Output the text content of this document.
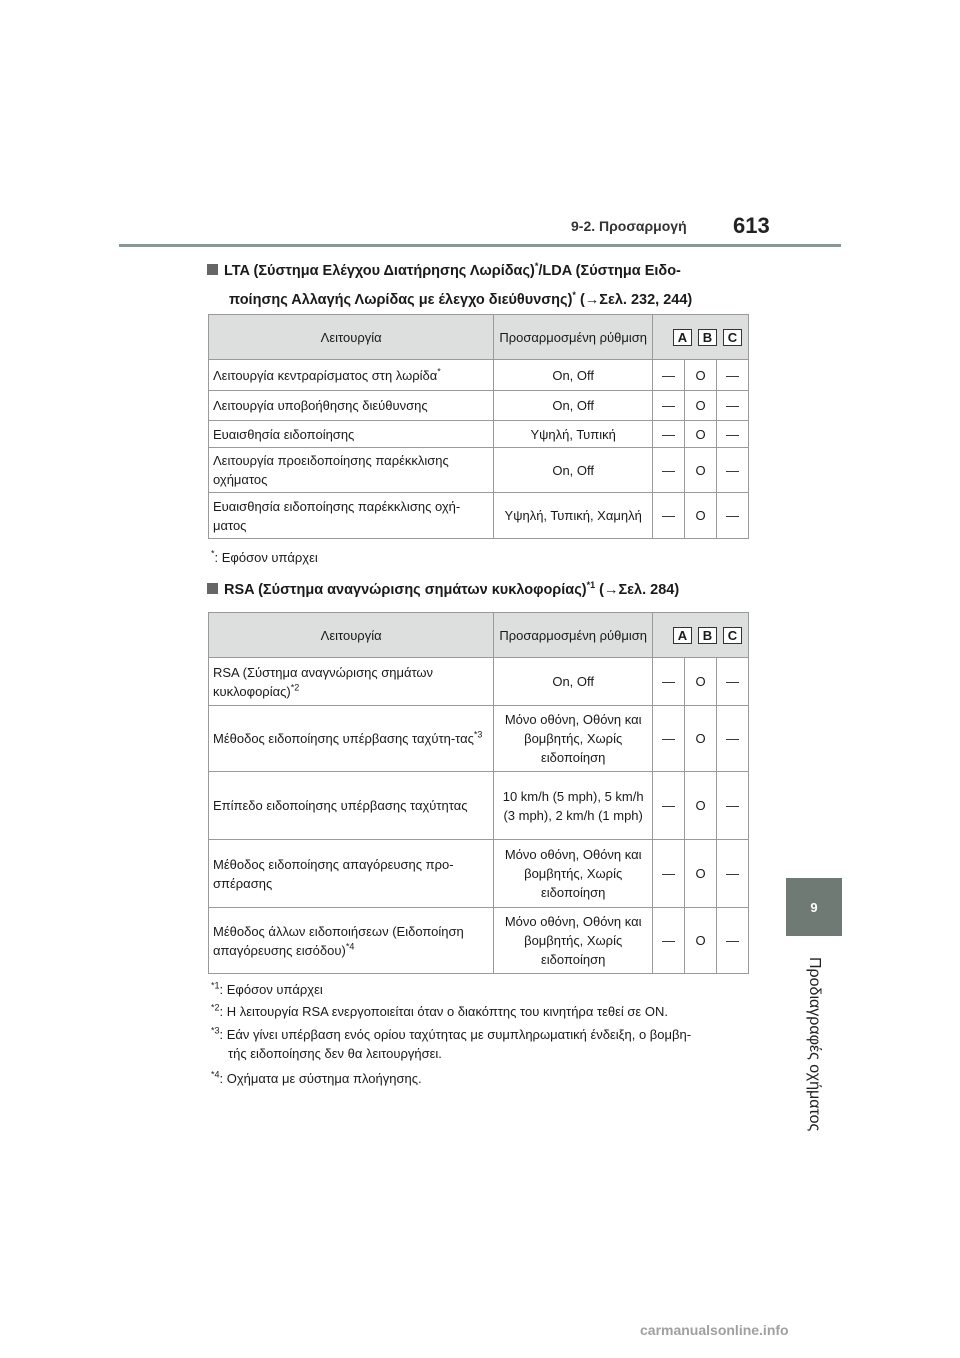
9-2. Προσαρμογή 613
9
Προδιαγραφές οχήματος
LTA (Σύστημα Ελέγχου Διατήρησης Λωρίδας)*/LDA (Σύστημα Ειδο-
ποίησης Αλλαγής Λωρίδας με έλεγχο διεύθυνσης)* (→Σελ. 232, 244)
Λειτουργία	Προσαρμοσμένη ρύθμιση	A B C		

Λειτουργία κεντραρίσματος στη λωρίδα*	On, Off	—	O	—
Λειτουργία υποβοήθησης διεύθυνσης	On, Off	—	O	—
Ευαισθησία ειδοποίησης	Υψηλή, Τυπική	—	O	—
Λειτουργία προειδοποίησης παρέκκλισης οχήματος	On, Off	—	O	—
Ευαισθησία ειδοποίησης παρέκκλισης οχή-ματος	Υψηλή, Τυπική, Χαμηλή	—	O	—
*: Εφόσον υπάρχει
RSA (Σύστημα αναγνώρισης σημάτων κυκλοφορίας)$^{*1}$ (→Σελ. 284)
Λειτουργία	Προσαρμοσμένη ρύθμιση	A B C		

RSA (Σύστημα αναγνώρισης σημάτων κυκλοφορίας)$^{*2}$	On, Off	—	O	—
Μέθοδος ειδοποίησης υπέρβασης ταχύτη-τας$^{*3}$	Μόνο οθόνη, Οθόνη και βομβητής, Χωρίς ειδοποίηση	—	O	—
Επίπεδο ειδοποίησης υπέρβασης ταχύτητας	10 km/h (5 mph), 5 km/h (3 mph), 2 km/h (1 mph)	—	O	—
Μέθοδος ειδοποίησης απαγόρευσης προ-σπέρασης	Μόνο οθόνη, Οθόνη και βομβητής, Χωρίς ειδοποίηση	—	O	—
Μέθοδος άλλων ειδοποιήσεων (Ειδοποίηση απαγόρευσης εισόδου)$^{*4}$	Μόνο οθόνη, Οθόνη και βομβητής, Χωρίς ειδοποίηση	—	O	—
$^{*1}$: Εφόσον υπάρχει
$^{*2}$: Η λειτουργία RSA ενεργοποιείται όταν ο διακόπτης του κινητήρα τεθεί σε ON.
$^{*3}$: Εάν γίνει υπέρβαση ενός ορίου ταχύτητας με συμπληρωματική ένδειξη, ο βομβη-
τής ειδοποίησης δεν θα λειτουργήσει.
$^{*4}$: Οχήματα με σύστημα πλοήγησης.
carmanualsonline.info
